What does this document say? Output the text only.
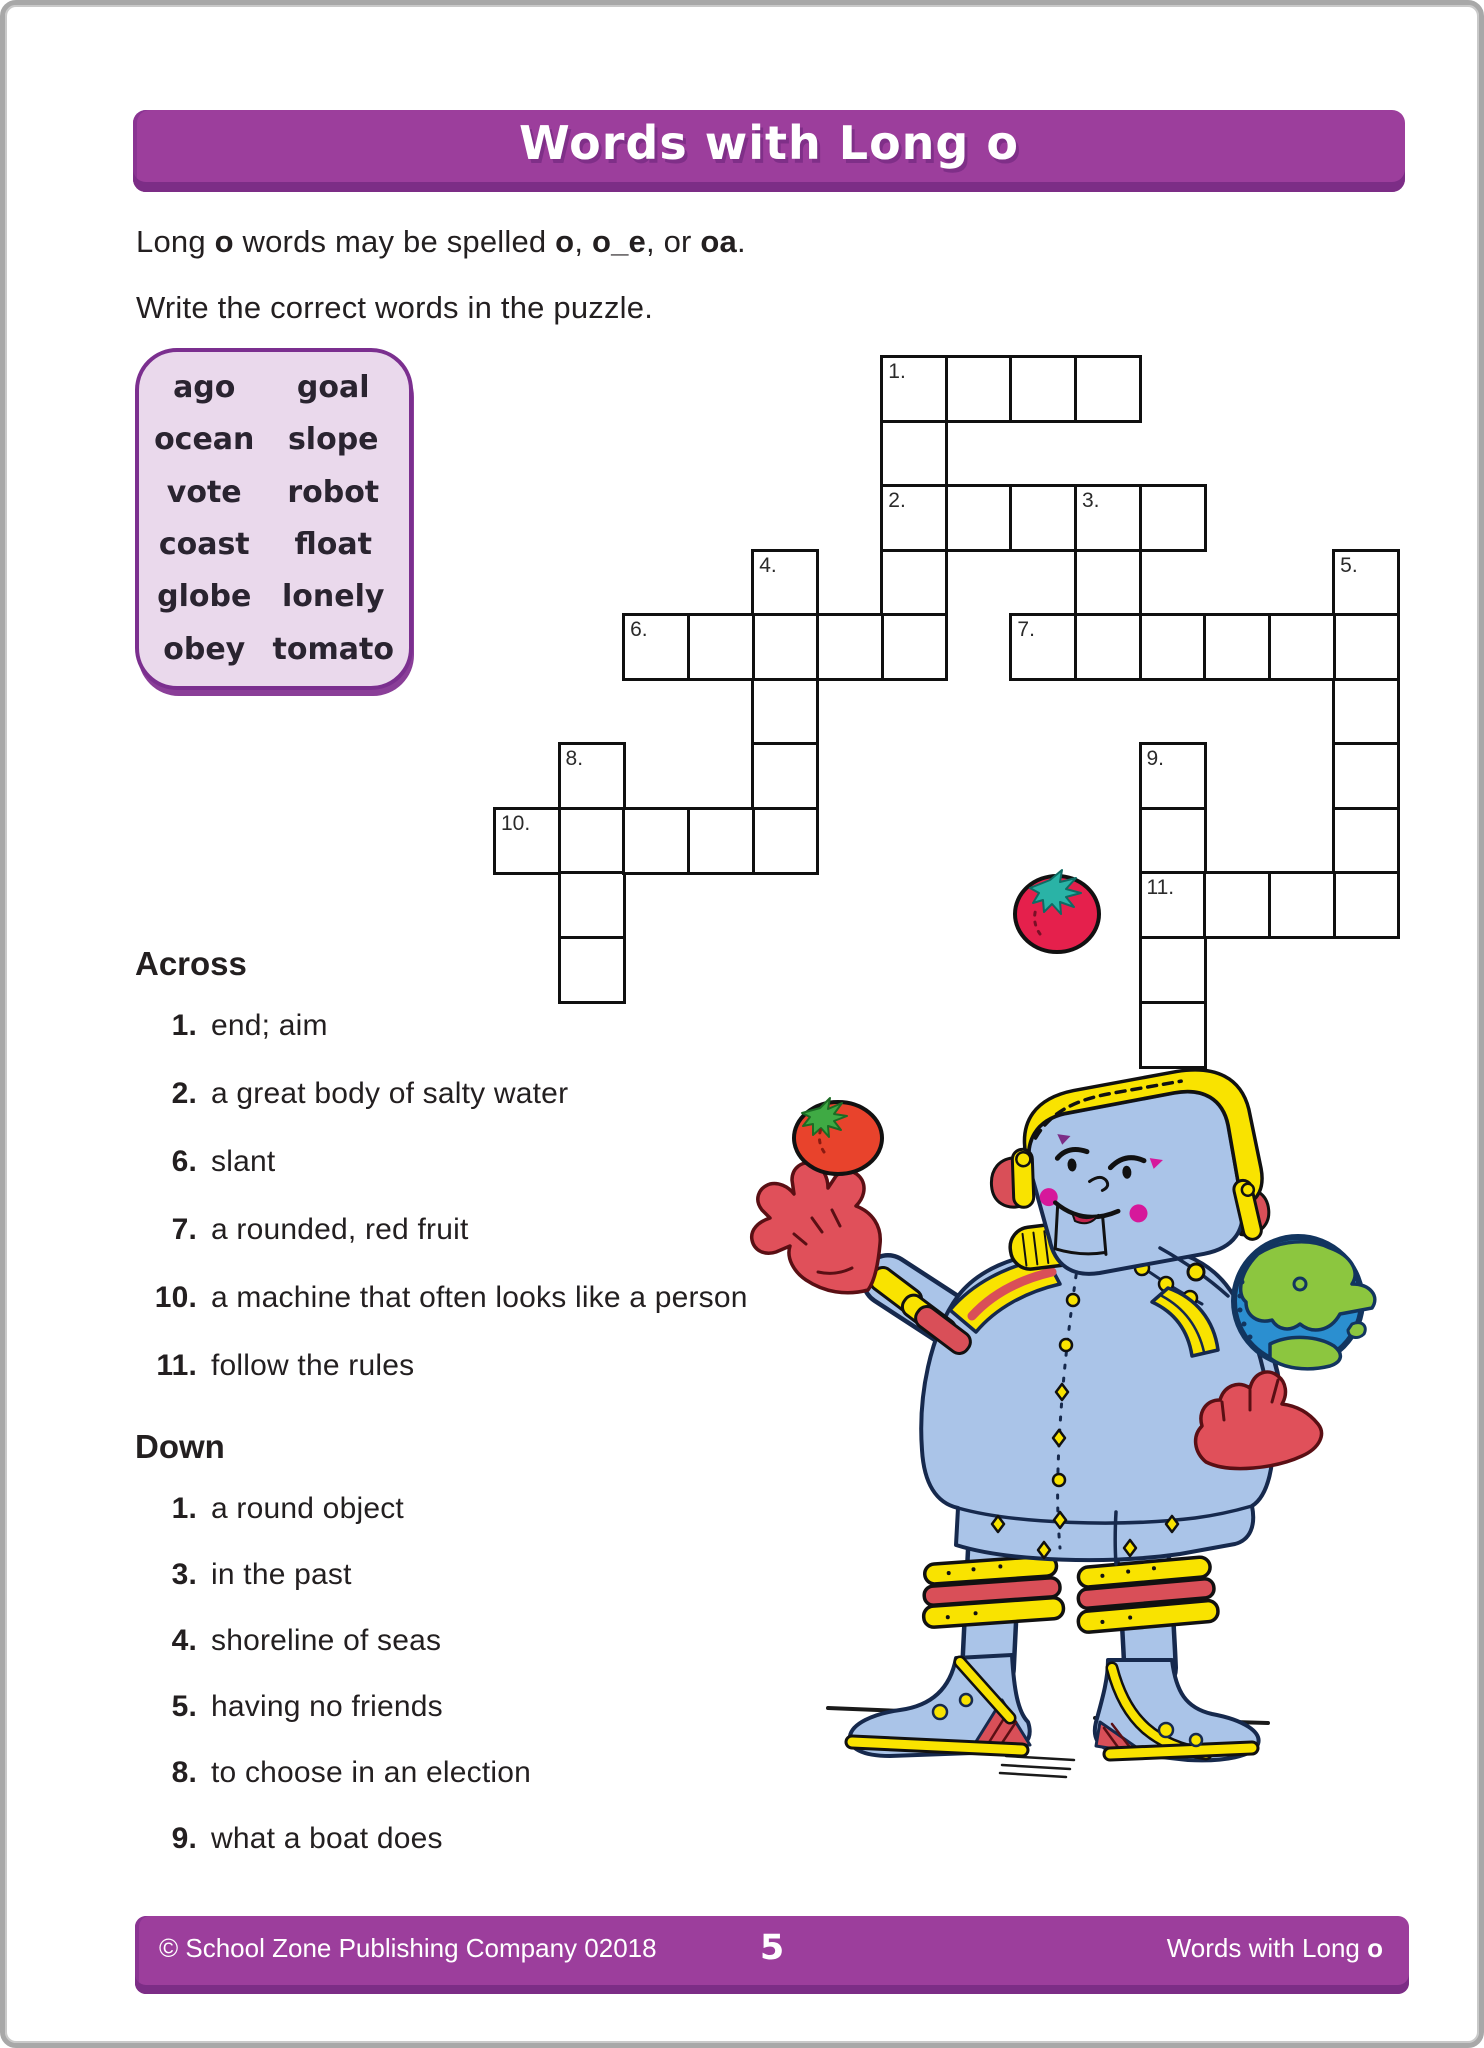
Words with Long o
Long o words may be spelled o, o_e, or oa.
Write the correct words in the puzzle.
ago
ocean
vote
coast
globe
obey
goal
slope
robot
float
lonely
tomato
1.
2.	3.
4.	5.
6.	7.
8.	9.
11.
10.
Across
1. end; aim
2. a great body of salty water
6. slant
7. a rounded, red fruit
10. a machine that often looks like a person
11. follow the rules
Down
1. a round object
3. in the past
4. shoreline of seas
5. having no friends
8. to choose in an election
9. what a boat does
© School Zone Publishing Company 02018	5	Words with Long o
